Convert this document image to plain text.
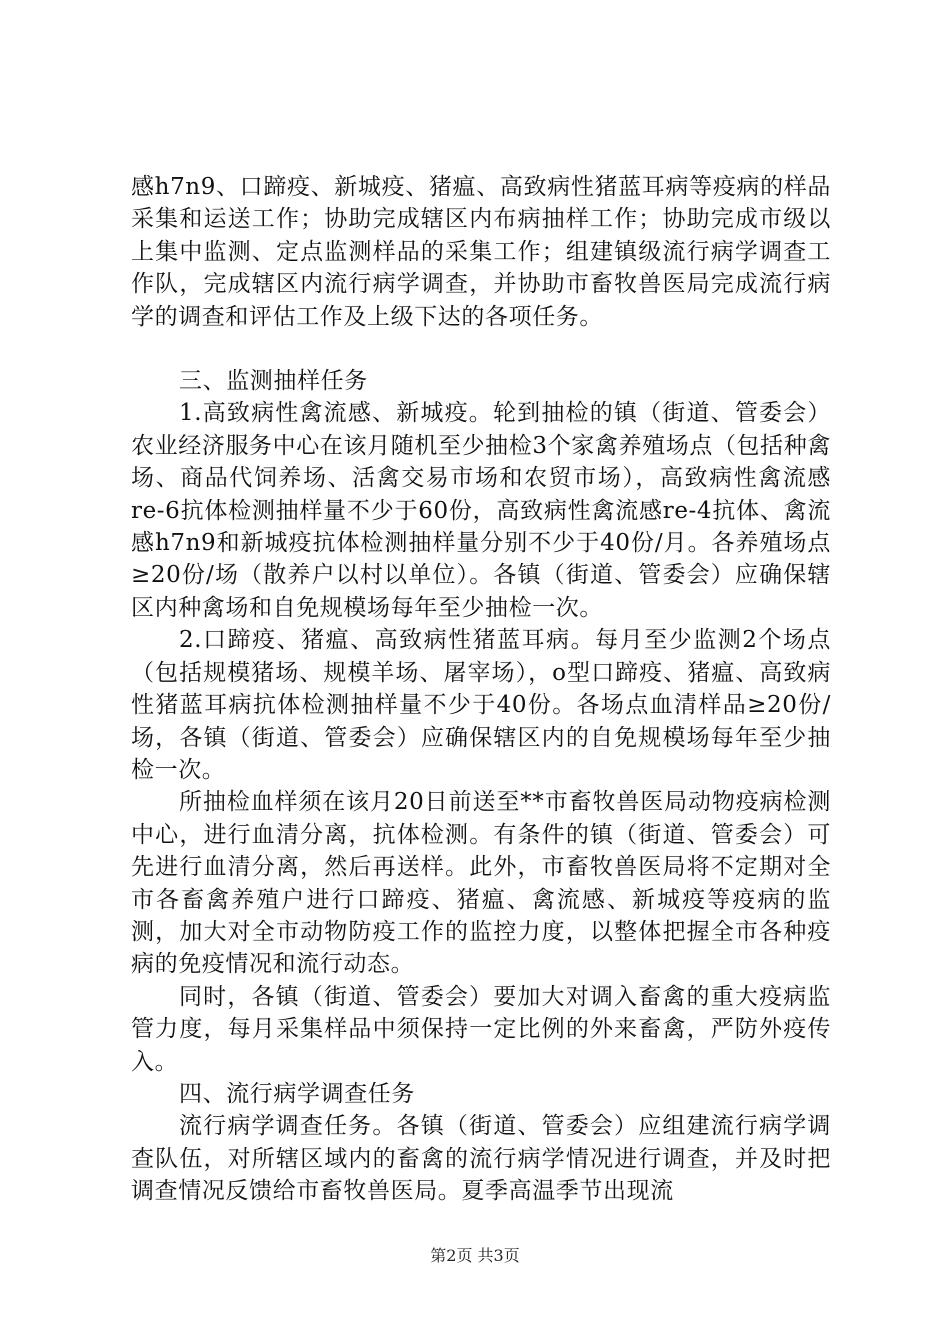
感h7n9、口蹄疫、新城疫、猪瘟、高致病性猪蓝耳病等疫病的样品采集和运送工作；协助完成辖区内布病抽样工作；协助完成市级以上集中监测、定点监测样品的采集工作；组建镇级流行病学调查工作队，完成辖区内流行病学调查，并协助市畜牧兽医局完成流行病学的调查和评估工作及上级下达的各项任务。

三、监测抽样任务

1.高致病性禽流感、新城疫。轮到抽检的镇（街道、管委会）农业经济服务中心在该月随机至少抽检3个家禽养殖场点（包括种禽场、商品代饲养场、活禽交易市场和农贸市场），高致病性禽流感re-6抗体检测抽样量不少于60份，高致病性禽流感re-4抗体、禽流感h7n9和新城疫抗体检测抽样量分别不少于40份/月。各养殖场点≥20份/场（散养户以村以单位）。各镇（街道、管委会）应确保辖区内种禽场和自免规模场每年至少抽检一次。

2.口蹄疫、猪瘟、高致病性猪蓝耳病。每月至少监测2个场点（包括规模猪场、规模羊场、屠宰场），o型口蹄疫、猪瘟、高致病性猪蓝耳病抗体检测抽样量不少于40份。各场点血清样品≥20份/场，各镇（街道、管委会）应确保辖区内的自免规模场每年至少抽检一次。

所抽检血样须在该月20日前送至**市畜牧兽医局动物疫病检测中心，进行血清分离，抗体检测。有条件的镇（街道、管委会）可先进行血清分离，然后再送样。此外，市畜牧兽医局将不定期对全市各畜禽养殖户进行口蹄疫、猪瘟、禽流感、新城疫等疫病的监测，加大对全市动物防疫工作的监控力度，以整体把握全市各种疫病的免疫情况和流行动态。

同时，各镇（街道、管委会）要加大对调入畜禽的重大疫病监管力度，每月采集样品中须保持一定比例的外来畜禽，严防外疫传入。

四、流行病学调查任务

流行病学调查任务。各镇（街道、管委会）应组建流行病学调查队伍，对所辖区域内的畜禽的流行病学情况进行调查，并及时把调查情况反馈给市畜牧兽医局。夏季高温季节出现流

第2页 共3页
